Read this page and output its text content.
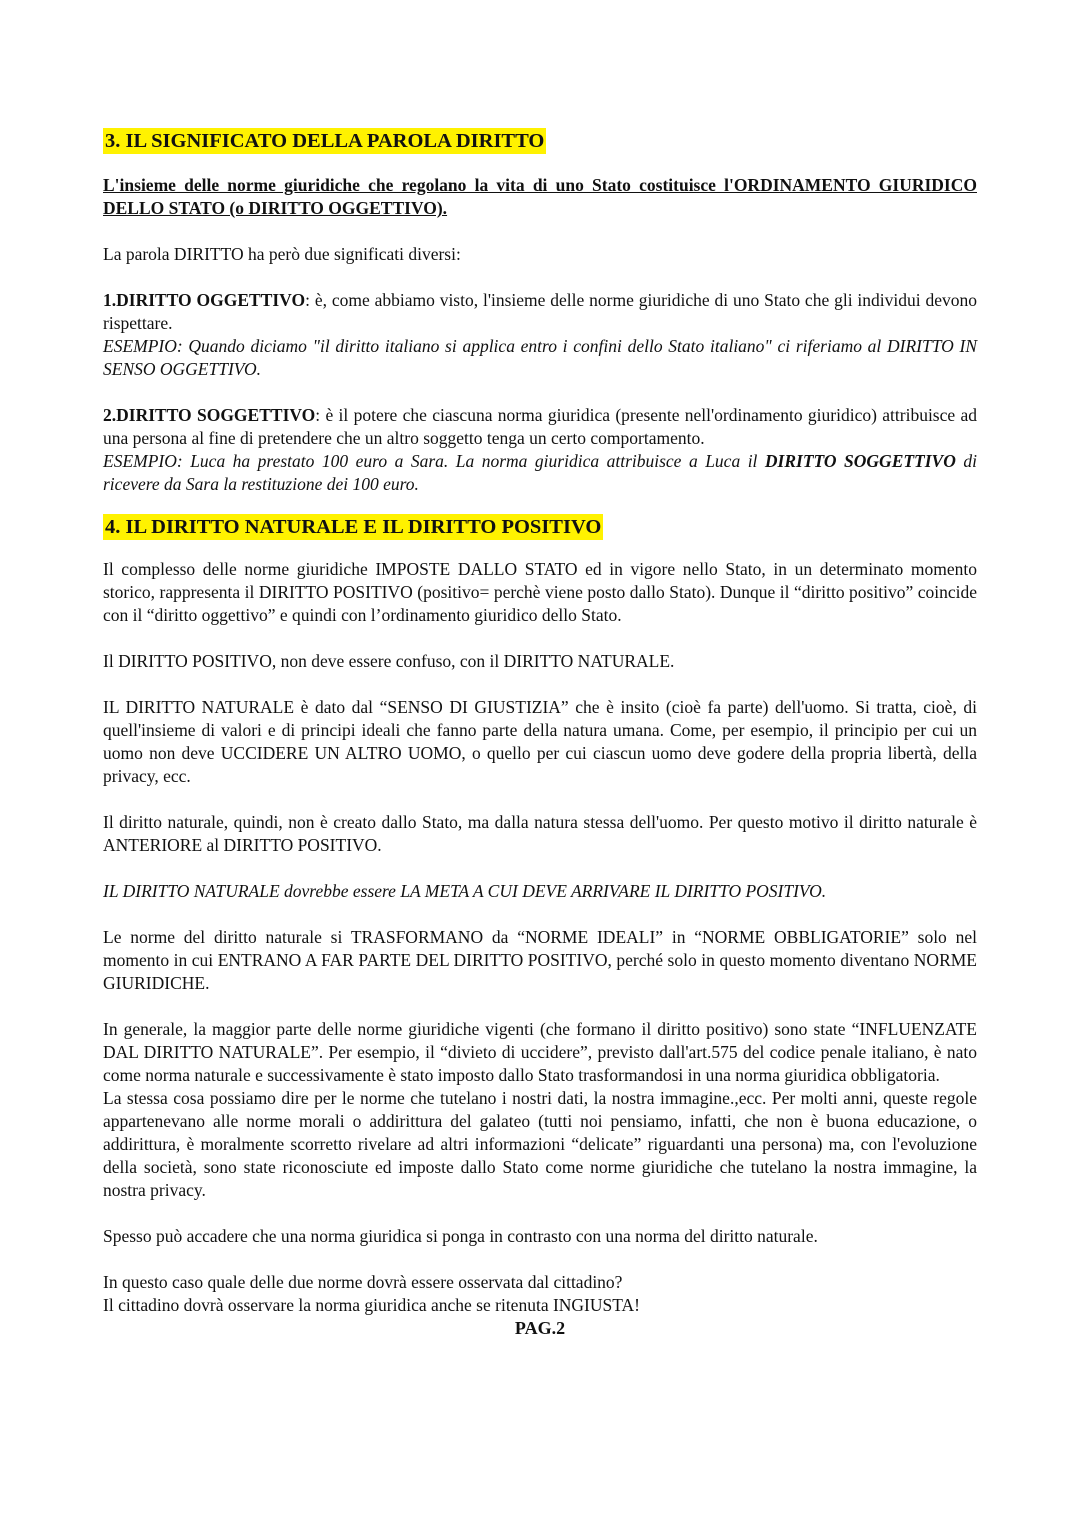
3. IL SIGNIFICATO DELLA PAROLA DIRITTO

L'insieme delle norme giuridiche che regolano la vita di uno Stato costituisce l'ORDINAMENTO GIURIDICO DELLO STATO (o DIRITTO OGGETTIVO).

La parola DIRITTO ha però due significati diversi:

1.DIRITTO OGGETTIVO: è, come abbiamo visto, l'insieme delle norme giuridiche di uno Stato che gli individui devono rispettare.
ESEMPIO: Quando diciamo "il diritto italiano si applica entro i confini dello Stato italiano" ci riferiamo al DIRITTO IN SENSO OGGETTIVO.

2.DIRITTO SOGGETTIVO: è il potere che ciascuna norma giuridica (presente nell'ordinamento giuridico) attribuisce ad una persona al fine di pretendere che un altro soggetto tenga un certo comportamento.
ESEMPIO: Luca ha prestato 100 euro a Sara. La norma giuridica attribuisce a Luca il DIRITTO SOGGETTIVO di ricevere da Sara la restituzione dei 100 euro.

4. IL DIRITTO NATURALE E IL DIRITTO POSITIVO

Il complesso delle norme giuridiche IMPOSTE DALLO STATO ed in vigore nello Stato, in un determinato momento storico, rappresenta il DIRITTO POSITIVO (positivo= perchè viene posto dallo Stato). Dunque il “diritto positivo” coincide con il “diritto oggettivo” e quindi con l’ordinamento giuridico dello Stato.

Il DIRITTO POSITIVO, non deve essere confuso, con il DIRITTO NATURALE.

IL DIRITTO NATURALE è dato dal “SENSO DI GIUSTIZIA” che è insito (cioè fa parte) dell'uomo. Si tratta, cioè, di quell'insieme di valori e di principi ideali che fanno parte della natura umana. Come, per esempio, il principio per cui un uomo non deve UCCIDERE UN ALTRO UOMO, o quello per cui ciascun uomo deve godere della propria libertà, della privacy, ecc.

Il diritto naturale, quindi, non è creato dallo Stato, ma dalla natura stessa dell'uomo. Per questo motivo il diritto naturale è ANTERIORE al DIRITTO POSITIVO.

IL DIRITTO NATURALE dovrebbe essere LA META A CUI DEVE ARRIVARE IL DIRITTO POSITIVO.

Le norme del diritto naturale si TRASFORMANO da “NORME IDEALI” in “NORME OBBLIGATORIE” solo nel momento in cui ENTRANO A FAR PARTE DEL DIRITTO POSITIVO, perché solo in questo momento diventano NORME GIURIDICHE.

In generale, la maggior parte delle norme giuridiche vigenti (che formano il diritto positivo) sono state “INFLUENZATE DAL DIRITTO NATURALE”. Per esempio, il “divieto di uccidere”, previsto dall'art.575 del codice penale italiano, è nato come norma naturale e successivamente è stato imposto dallo Stato trasformandosi in una norma giuridica obbligatoria.

La stessa cosa possiamo dire per le norme che tutelano i nostri dati, la nostra immagine.,ecc. Per molti anni, queste regole appartenevano alle norme morali o addirittura del galateo (tutti noi pensiamo, infatti, che non è buona educazione, o addirittura, è moralmente scorretto rivelare ad altri informazioni “delicate” riguardanti una persona) ma, con l'evoluzione della società, sono state riconosciute ed imposte dallo Stato come norme giuridiche che tutelano la nostra immagine, la nostra privacy.

Spesso può accadere che una norma giuridica si ponga in contrasto con una norma del diritto naturale.

In questo caso quale delle due norme dovrà essere osservata dal cittadino?

Il cittadino dovrà osservare la norma giuridica anche se ritenuta INGIUSTA!

PAG.2
